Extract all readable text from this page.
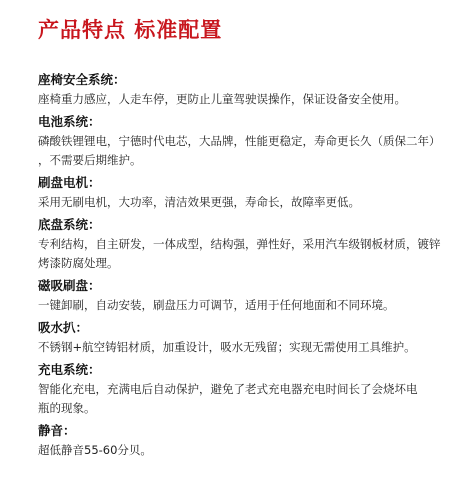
产品特点 标准配置

座椅安全系统：

座椅重力感应，人走车停，更防止儿童驾驶误操作，保证设备安全使用。

电池系统：

磷酸铁锂锂电，宁德时代电芯，大品牌，性能更稳定，寿命更长久（质保二年）
，不需要后期维护。

刷盘电机：

采用无刷电机，大功率，清洁效果更强，寿命长，故障率更低。

底盘系统：

专利结构，自主研发，一体成型，结构强，弹性好，采用汽车级钢板材质，镀锌
烤漆防腐处理。

磁吸刷盘：

一键卸刷，自动安装，刷盘压力可调节，适用于任何地面和不同环境。

吸水扒：

不锈钢+航空铸铝材质，加重设计，吸水无残留；实现无需使用工具维护。

充电系统：

智能化充电，充满电后自动保护，避免了老式充电器充电时间长了会烧坏电
瓶的现象。

静音：

超低静音55-60分贝。
